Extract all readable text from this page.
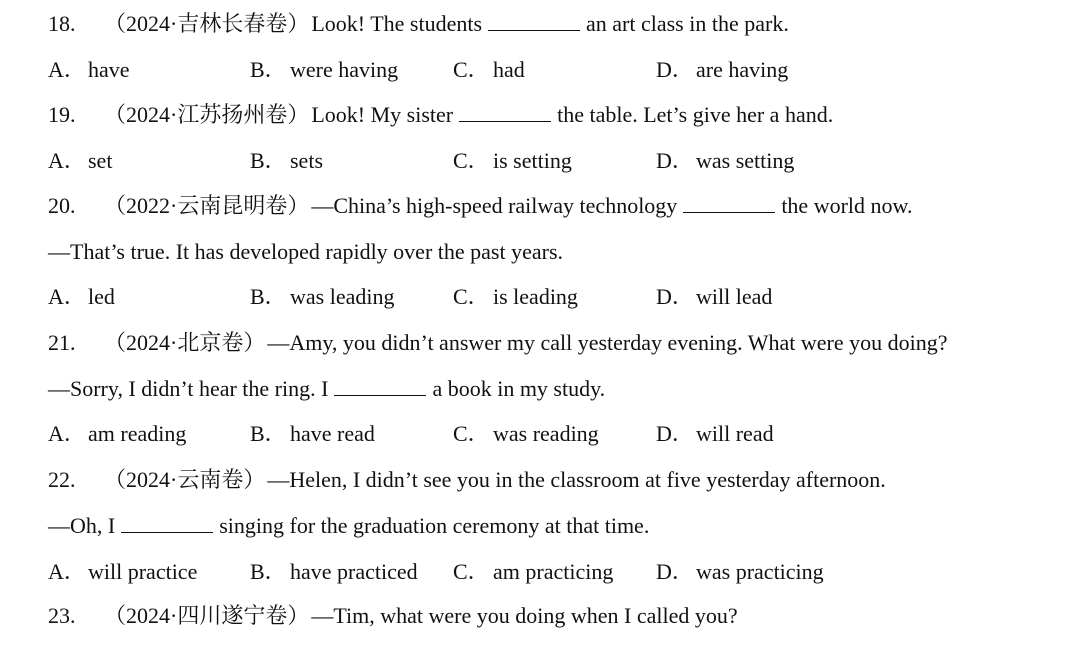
18. （2024·吉林长春卷）Look! The students	an art class in the park.
A．have	B． were having C． had	D．are having
19. （2024·江苏扬州卷）Look! My sister	the table. Let’s give her a hand.
A．set	B． sets	C． is setting	D．was setting
20. （2022·云南昆明卷）—China’s high-speed railway technology	the world now.
—That’s true. It has developed rapidly over the past years.
A．led	B． was leading	C． is leading	D．will lead
21. （2024·北京卷）—Amy, you didn’t answer my call yesterday evening. What were you doing?
—Sorry, I didn’t hear the ring. I	a book in my study.
A．am reading	B． have read	C． was reading	D．will read
22. （2024·云南卷）—Helen, I didn’t see you in the classroom at five yesterday afternoon.
—Oh, I	singing for the graduation ceremony at that time.
A．will practice B． have practiced C． am practicing D．was practicing
23. （2024·四川遂宁卷）—Tim, what were you doing when I called you?
